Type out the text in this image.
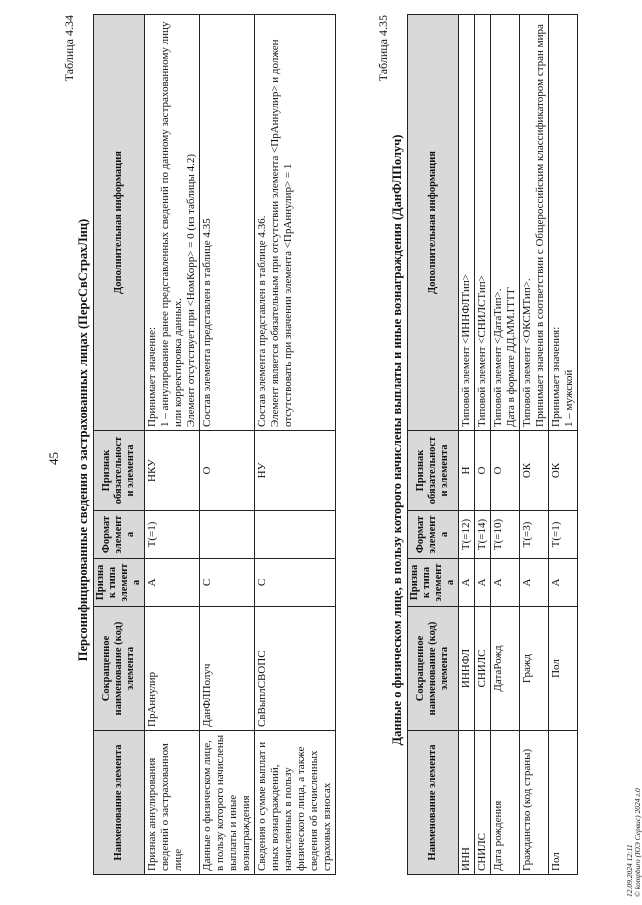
45
Таблица 4.34
Персонифицированные сведения о застрахованных лицах (ПерсСвСтрахЛиц)
Наименование элемента	Сокращенное наименование (код) элемента	Признак типа элемента	Формат элемента	Признак обязательности элемента	Дополнительная информация
Признак аннулирования сведений о застрахованном лице	ПрАннулир	А	Т(=1)	НКУ	Принимает значение:
1 – аннулирование ранее представленных сведений по данному застрахованному лицу или корректировка данных.
Элемент отсутствует при <НомКорр> = 0 (из таблицы 4.2)
Данные о физическом лице, в пользу которого начислены выплаты и иные вознаграждения	ДанФЛПолуч	С		О	Состав элемента представлен в таблице 4.35
Сведения о сумме выплат и иных вознаграждений, начисленных в пользу физического лица, а также сведения об исчисленных страховых взносах	СвВыплСВОПС	С		НУ	Состав элемента представлен в таблице 4.36.
Элемент является обязательным при отсутствии элемента <ПрАннулир> и должен отсутствовать при значении элемента <ПрАннулир> = 1
Таблица 4.35
Данные о физическом лице, в пользу которого начислены выплаты и иные вознаграждения (ДанФЛПолуч)
Наименование элемента	Сокращенное наименование (код) элемента	Признак типа элемента	Формат элемента	Признак обязательности элемента	Дополнительная информация
ИНН	ИННФЛ	А	Т(=12)	Н	Типовой элемент <ИННФЛТип>
СНИЛС	СНИЛС	А	Т(=14)	О	Типовой элемент <СНИЛСТип>
Дата рождения	ДатаРожд	А	Т(=10)	О	Типовой элемент <ДатаТип>.
Дата в формате ДД.ММ.ГГГГ
Гражданство (код страны)	Гражд	А	Т(=3)	ОК	Типовой элемент <ОКСМТип>.
Принимает значения в соответствии с Общероссийским классификатором стран мира
Пол	Пол	А	Т(=1)	ОК	Принимает значения:
1 – мужской
12.09.2024 12:11 © kompburo (ЮЭ Сервис) 2024 г.0
